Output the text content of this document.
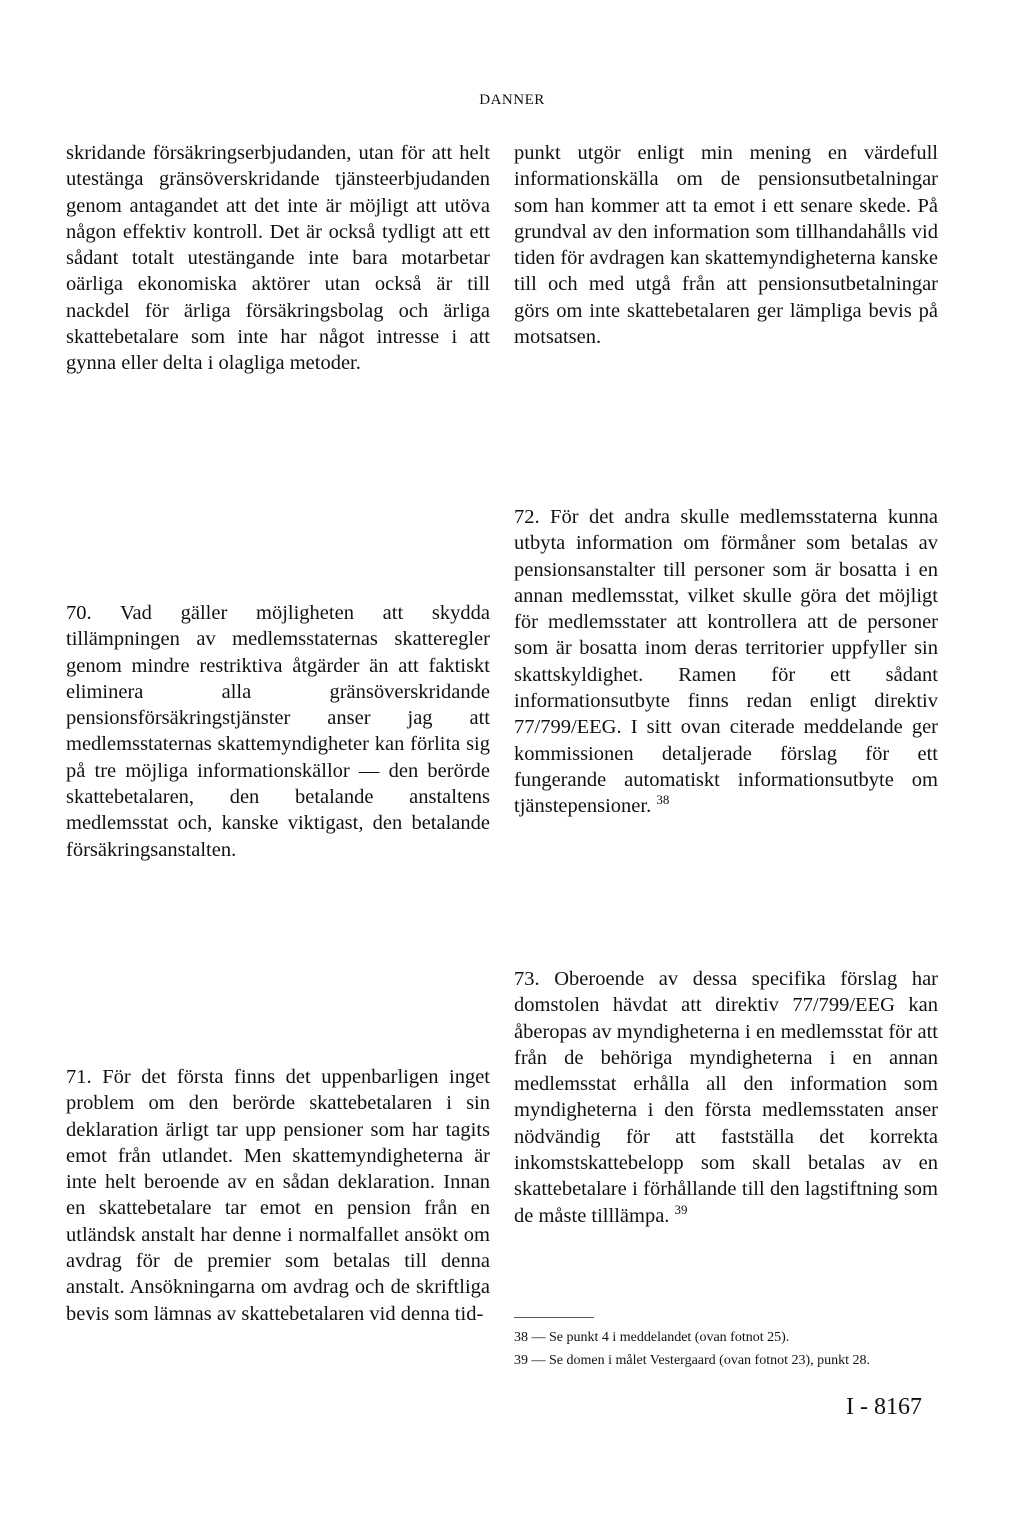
DANNER

skridande försäkringserbjudanden, utan för att helt utestänga gränsöverskridande tjänsteerbjudanden genom antagandet att det inte är möjligt att utöva någon effektiv kontroll. Det är också tydligt att ett sådant totalt utestängande inte bara motarbetar oärliga ekonomiska aktörer utan också är till nackdel för ärliga försäkringsbolag och ärliga skattebetalare som inte har något intresse i att gynna eller delta i olagliga metoder.

70. Vad gäller möjligheten att skydda tillämpningen av medlemsstaternas skatteregler genom mindre restriktiva åtgärder än att faktiskt eliminera alla gränsöverskridande pensionsförsäkringstjänster anser jag att medlemsstaternas skattemyndigheter kan förlita sig på tre möjliga informationskällor — den berörde skattebetalaren, den betalande anstaltens medlemsstat och, kanske viktigast, den betalande försäkringsanstalten.

71. För det första finns det uppenbarligen inget problem om den berörde skattebetalaren i sin deklaration ärligt tar upp pensioner som har tagits emot från utlandet. Men skattemyndigheterna är inte helt beroende av en sådan deklaration. Innan en skattebetalare tar emot en pension från en utländsk anstalt har denne i normalfallet ansökt om avdrag för de premier som betalas till denna anstalt. Ansökningarna om avdrag och de skriftliga bevis som lämnas av skattebetalaren vid denna tid-

punkt utgör enligt min mening en värdefull informationskälla om de pensionsutbetalningar som han kommer att ta emot i ett senare skede. På grundval av den information som tillhandahålls vid tiden för avdragen kan skattemyndigheterna kanske till och med utgå från att pensionsutbetalningar görs om inte skattebetalaren ger lämpliga bevis på motsatsen.

72. För det andra skulle medlemsstaterna kunna utbyta information om förmåner som betalas av pensionsanstalter till personer som är bosatta i en annan medlemsstat, vilket skulle göra det möjligt för medlemsstater att kontrollera att de personer som är bosatta inom deras territorier uppfyller sin skattskyldighet. Ramen för ett sådant informationsutbyte finns redan enligt direktiv 77/799/EEG. I sitt ovan citerade meddelande ger kommissionen detaljerade förslag för ett fungerande automatiskt informationsutbyte om tjänstepensioner. $^{38}$

73. Oberoende av dessa specifika förslag har domstolen hävdat att direktiv 77/799/EEG kan åberopas av myndigheterna i en medlemsstat för att från de behöriga myndigheterna i en annan medlemsstat erhålla all den information som myndigheterna i den första medlemsstaten anser nödvändig för att fastställa det korrekta inkomstskattebelopp som skall betalas av en skattebetalare i förhållande till den lagstiftning som de måste tilllämpa. $^{39}$

38 — Se punkt 4 i meddelandet (ovan fotnot 25).
39 — Se domen i målet Vestergaard (ovan fotnot 23), punkt 28.
I - 8167
